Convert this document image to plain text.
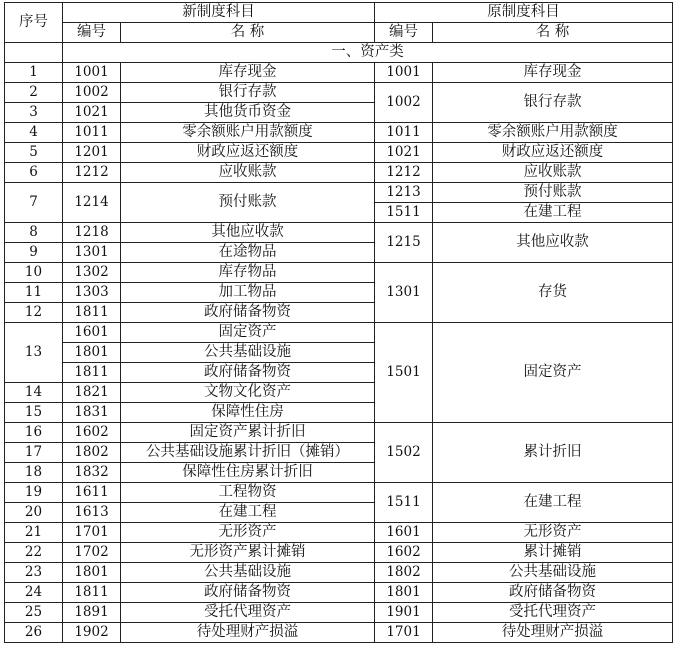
序号	新制度科目		原制度科目	
	编号	名 称	编号	名 称
	一、资产类			
1	1001	库存现金	1001	库存现金
2	1002	银行存款	1002	银行存款
3	1021	其他货币资金		
4	1011	零余额账户用款额度	1011	零余额账户用款额度
5	1201	财政应返还额度	1021	财政应返还额度
6	1212	应收账款	1212	应收账款
7	1214	预付账款	1213	预付账款
			1511	在建工程
8	1218	其他应收款	1215	其他应收款
9	1301	在途物品		
10	1302	库存物品	1301	存货
11	1303	加工物品		
12	1811	政府储备物资		
13	1601	固定资产	1501	固定资产
	1801	公共基础设施		
	1811	政府储备物资		
14	1821	文物文化资产		
15	1831	保障性住房		
16	1602	固定资产累计折旧	1502	累计折旧
17	1802	公共基础设施累计折旧（摊销）		
18	1832	保障性住房累计折旧		
19	1611	工程物资	1511	在建工程
20	1613	在建工程		
21	1701	无形资产	1601	无形资产
22	1702	无形资产累计摊销	1602	累计摊销
23	1801	公共基础设施	1802	公共基础设施
24	1811	政府储备物资	1801	政府储备物资
25	1891	受托代理资产	1901	受托代理资产
26	1902	待处理财产损溢	1701	待处理财产损溢
